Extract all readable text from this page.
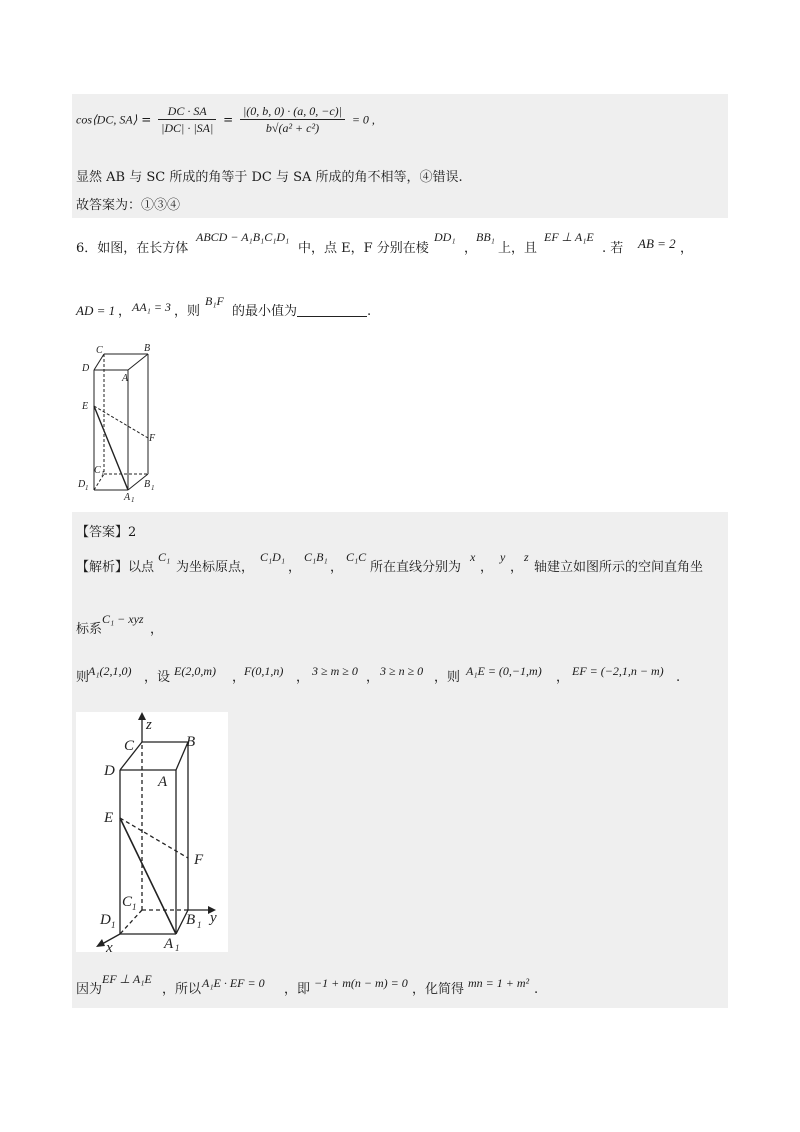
cos⟨DC, SA⟩ = $\frac{DC \cdot SA}{|DC| \cdot |SA|} = \frac{|(0, b, 0) \cdot (a, 0, -c)|}{\text{b√(a² + c²)}} = 0$ ,
显然 AB 与 SC 所成的角等于 DC 与 SA 所成的角不相等，④错误.
故答案为：①③④
6．如图，在长方体
ABCD − A₁B₁C₁D₁
中，点 E，F 分别在棱
DD₁
，
BB₁
上，且
EF ⊥ A₁E
. 若 AB = 2 ，
AD = 1 ， AA₁ = 3 ，则
B₁F
的最小值为	.
C	B
D
A
E
F
C 1
D 1	B 1
A 1
【答案】2
【解析】以点
C₁
为坐标原点，
C₁D₁
，
C₁B₁
，
C₁C
所在直线分别为
x
，
y
，
z
轴建立如图所示的空间直角坐
标系
C₁ − xyz
，
则
A₁(2,1,0) ，设 E(2,0,m) ，
F(0,1,n) ， 3 ≥ m ≥ 0 ， 3 ≥ n ≥ 0 ，则 A₁E = (0,−1,m) ， EF = (−2,1,n − m) .
z
C	B
D
A
E
F
C 1
D 1	B 1 y
A 1
x
因为
EF ⊥ A₁E
，所以 A₁E · EF = 0 ，即 −1 + m(n − m) = 0 ，化简得 mn = 1 + m² .
